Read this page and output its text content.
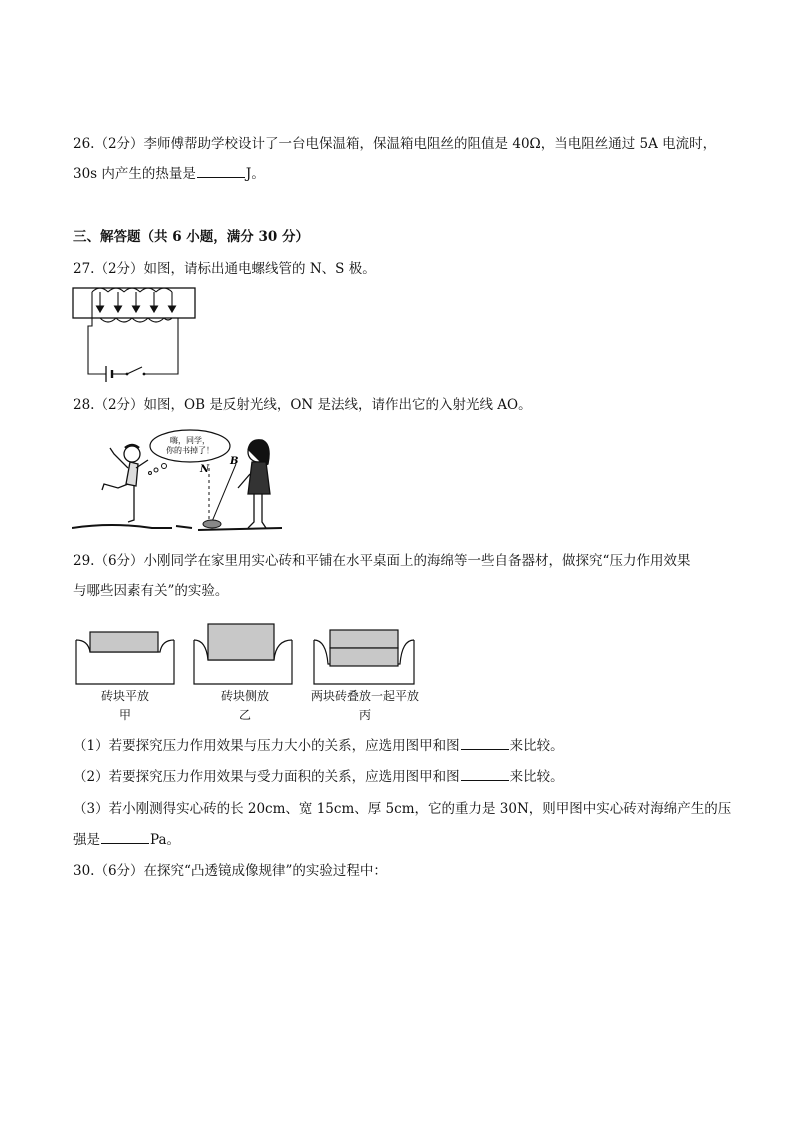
26.（2分）李师傅帮助学校设计了一台电保温箱，保温箱电阻丝的阻值是 40Ω，当电阻丝通过 5A 电流时，
30s 内产生的热量是	J。
三、解答题（共 6 小题，满分 30 分）
27.（2分）如图，请标出通电螺线管的 N、S 极。
28.（2分）如图，OB 是反射光线，ON 是法线，请作出它的入射光线 AO。
嗨，同学，
你的书掉了！
N
B
29.（6分）小刚同学在家里用实心砖和平铺在水平桌面上的海绵等一些自备器材，做探究“压力作用效果
与哪些因素有关”的实验。
砖块平放
甲
砖块侧放
乙
两块砖叠放一起平放
丙
（1）若要探究压力作用效果与压力大小的关系，应选用图甲和图	来比较。
（2）若要探究压力作用效果与受力面积的关系，应选用图甲和图	来比较。
（3）若小刚测得实心砖的长 20cm、宽 15cm、厚 5cm，它的重力是 30N，则甲图中实心砖对海绵产生的压
强是	Pa。
30.（6分）在探究“凸透镜成像规律”的实验过程中：
